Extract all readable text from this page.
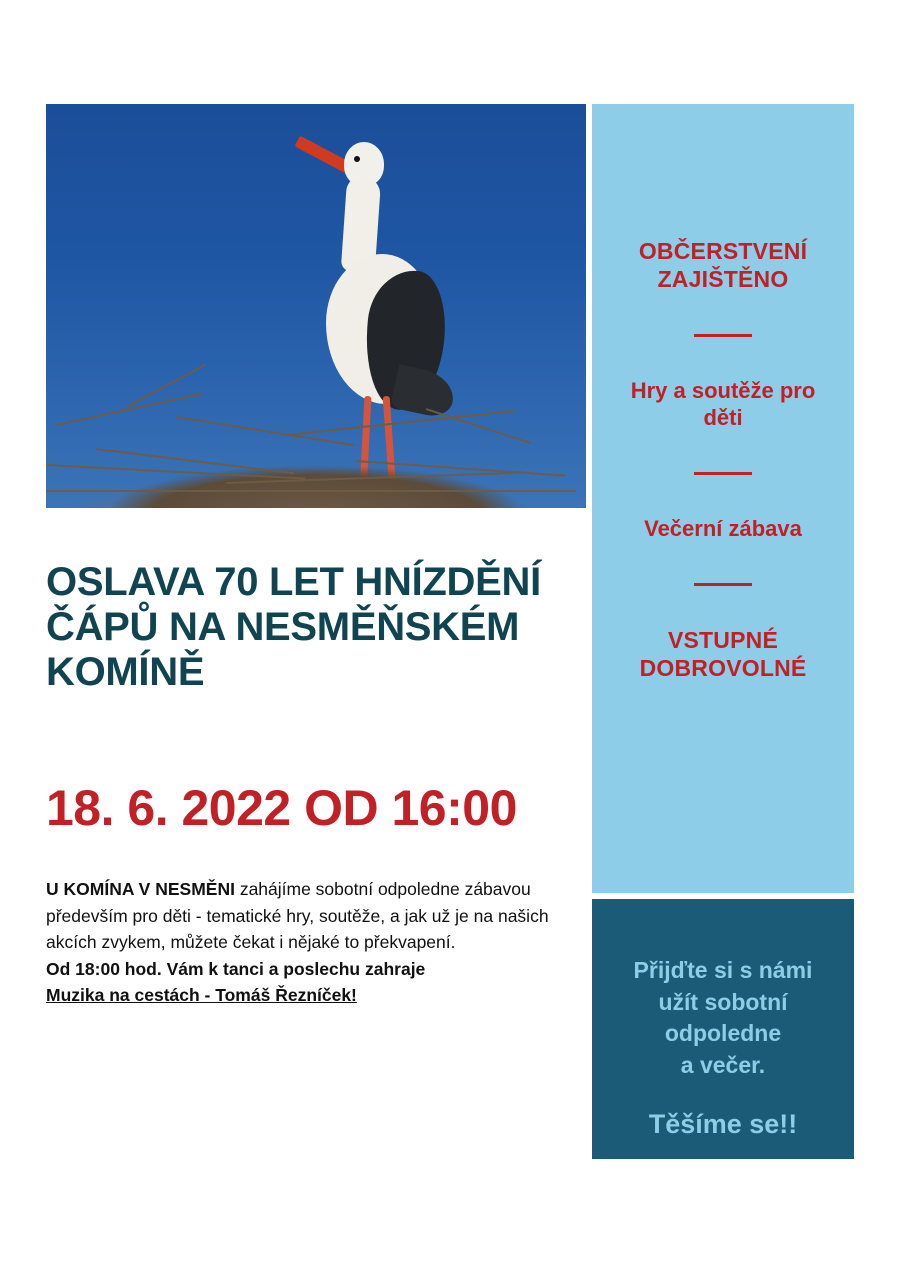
OSLAVA 70 LET HNÍZDĚNÍ ČÁPŮ NA NESMĚŇSKÉM KOMÍNĚ
18. 6. 2022 OD 16:00

U KOMÍNA V NESMĚNI zahájíme sobotní odpoledne zábavou především pro děti - tematické hry, soutěže, a jak už je na našich akcích zvykem, můžete čekat i nějaké to překvapení.

Od 18:00 hod. Vám k tanci a poslechu zahraje
Muzika na cestách - Tomáš Řezníček!

OBČERSTVENÍ ZAJIŠTĚNO
Hry a soutěže pro děti
Večerní zábava
VSTUPNÉ DOBROVOLNÉ
Přijďte si s námi
užít sobotní
odpoledne
a večer.
Těšíme se!!
